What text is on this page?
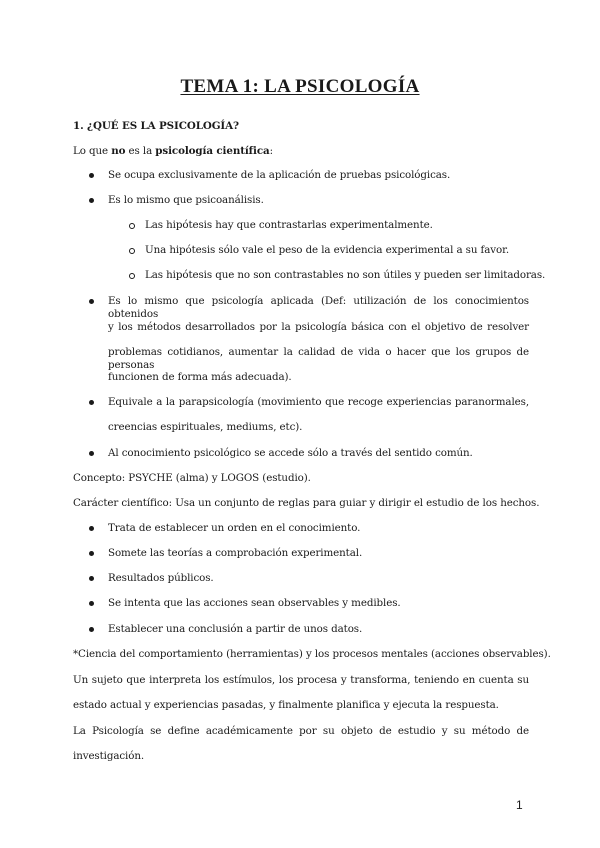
TEMA 1: LA PSICOLOGÍA
1. ¿QUÉ ES LA PSICOLOGÍA?
Lo que no es la psicología científica:
Se ocupa exclusivamente de la aplicación de pruebas psicológicas.
Es lo mismo que psicoanálisis.
Las hipótesis hay que contrastarlas experimentalmente.
Una hipótesis sólo vale el peso de la evidencia experimental a su favor.
Las hipótesis que no son contrastables no son útiles y pueden ser limitadoras.
Es lo mismo que psicología aplicada (Def: utilización de los conocimientos obtenidos
y los métodos desarrollados por la psicología básica con el objetivo de resolver
problemas cotidianos, aumentar la calidad de vida o hacer que los grupos de personas
funcionen de forma más adecuada).
Equivale a la parapsicología (movimiento que recoge experiencias paranormales,
creencias espirituales, mediums, etc).
Al conocimiento psicológico se accede sólo a través del sentido común.
Concepto: PSYCHE (alma) y LOGOS (estudio).
Carácter científico: Usa un conjunto de reglas para guiar y dirigir el estudio de los hechos.
Trata de establecer un orden en el conocimiento.
Somete las teorías a comprobación experimental.
Resultados públicos.
Se intenta que las acciones sean observables y medibles.
Establecer una conclusión a partir de unos datos.
*Ciencia del comportamiento (herramientas) y los procesos mentales (acciones observables).
Un sujeto que interpreta los estímulos, los procesa y transforma, teniendo en cuenta su
estado actual y experiencias pasadas, y finalmente planifica y ejecuta la respuesta.
La Psicología se define académicamente por su objeto de estudio y su método de
investigación.
1
